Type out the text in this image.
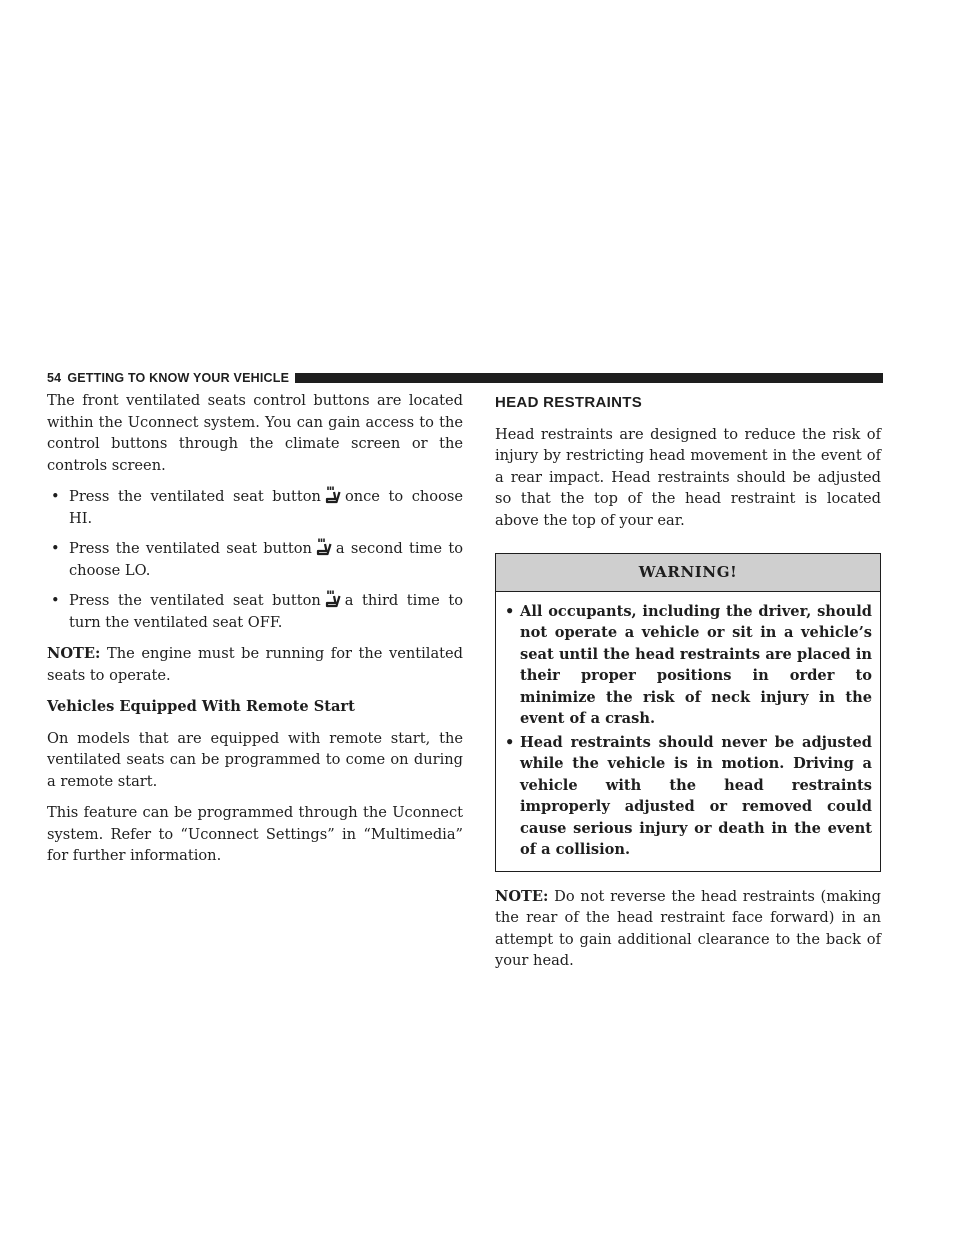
54 GETTING TO KNOW YOUR VEHICLE

The front ventilated seats control buttons are located within the Uconnect system. You can gain access to the control buttons through the climate screen or the controls screen.

• Press the ventilated seat button once to choose HI.
• Press the ventilated seat button a second time to choose LO.
• Press the ventilated seat button a third time to turn the ventilated seat OFF.

NOTE: The engine must be running for the ventilated seats to operate.

Vehicles Equipped With Remote Start

On models that are equipped with remote start, the ventilated seats can be programmed to come on during a remote start.

This feature can be programmed through the Uconnect system. Refer to “Uconnect Settings” in “Multimedia” for further information.

HEAD RESTRAINTS

Head restraints are designed to reduce the risk of injury by restricting head movement in the event of a rear impact. Head restraints should be adjusted so that the top of the head restraint is located above the top of your ear.

WARNING!
• All occupants, including the driver, should not operate a vehicle or sit in a vehicle’s seat until the head restraints are placed in their proper positions in order to minimize the risk of neck injury in the event of a crash.
• Head restraints should never be adjusted while the vehicle is in motion. Driving a vehicle with the head restraints improperly adjusted or removed could cause serious injury or death in the event of a collision.

NOTE: Do not reverse the head restraints (making the rear of the head restraint face forward) in an attempt to gain additional clearance to the back of your head.
